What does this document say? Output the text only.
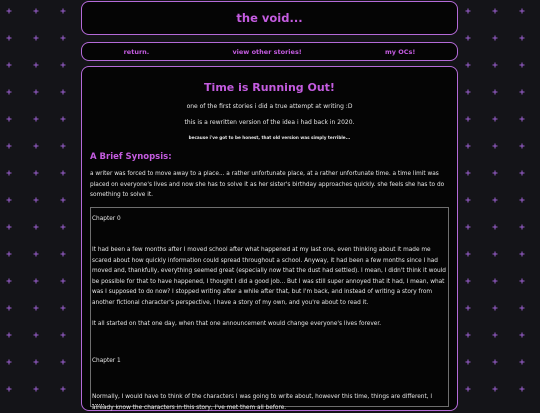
the void...
return.	view other stories!	my OCs!
Time is Running Out!
one of the first stories i did a true attempt at writing :D
this is a rewritten version of the idea i had back in 2020.
because i've got to be honest, that old version was simply terrible...
A Brief Synopsis:
a writer was forced to move away to a place... a rather unfortunate place, at a rather unfortunate time. a time limit was placed on everyone's lives and now she has to solve it as her sister's birthday approaches quickly. she feels she has to do something to solve it.

Chapter 0

It had been a few months after I moved school after what happened at my last one, even thinking about it made me scared about how quickly information could spread throughout a school. Anyway, it had been a few months since I had moved and, thankfully, everything seemed great (especially now that the dust had settled). I mean, I didn't think it would be possible for that to have happened, I thought I did a good job... But I was still super annoyed that it had, I mean, what was I supposed to do now? I stopped writing after a while after that, but I'm back, and instead of writing a story from another fictional character's perspective, I have a story of my own, and you're about to read it.

It all started on that one day, when that one announcement would change everyone's lives forever.

Chapter 1

Normally, I would have to think of the characters I was going to write about, however this time, things are different, I already know the characters in this story, I've met them all before.
